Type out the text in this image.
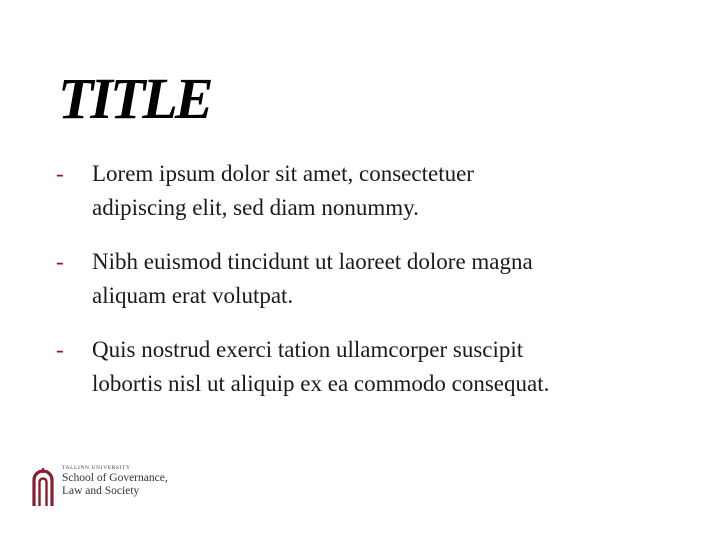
TITLE
-	Lorem ipsum dolor sit amet, consectetuer
adipiscing elit, sed diam nonummy.
-	Nibh euismod tincidunt ut laoreet dolore magna
aliquam erat volutpat.
-	Quis nostrud exerci tation ullamcorper suscipit
lobortis nisl ut aliquip ex ea commodo consequat.
TALLINN UNIVERSITY
School of Governance,
Law and Society
